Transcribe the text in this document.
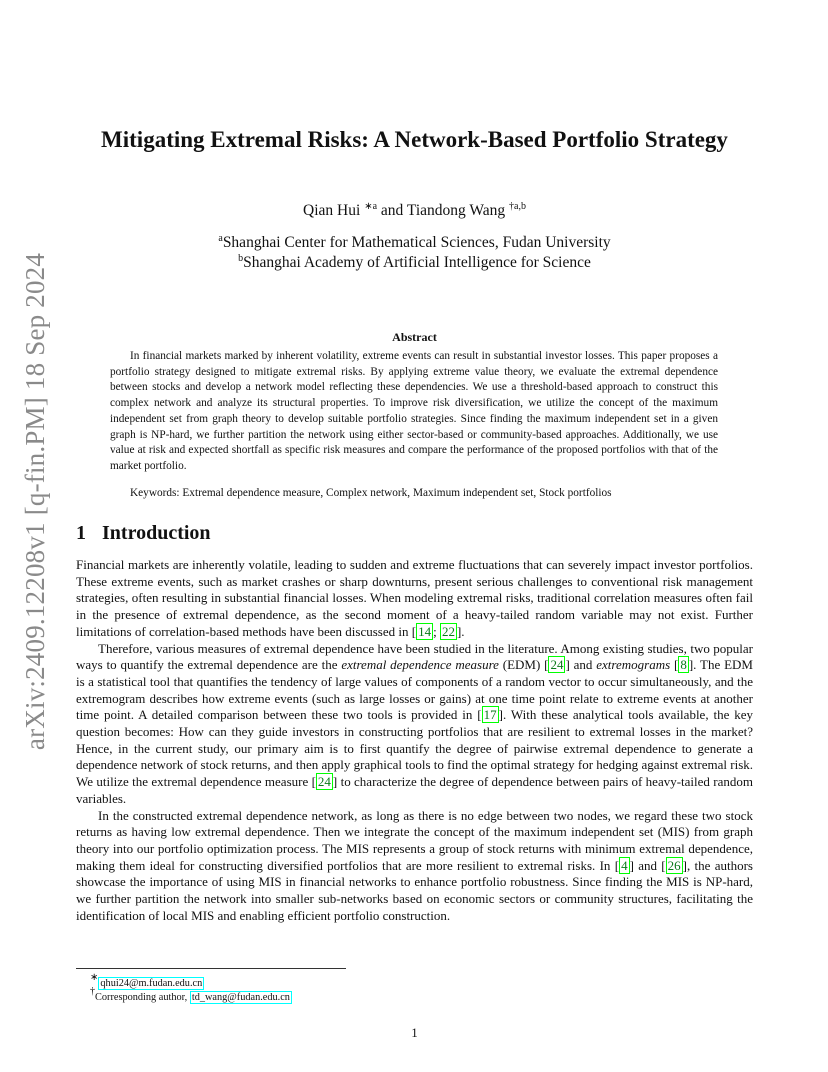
arXiv:2409.12208v1 [q-fin.PM] 18 Sep 2024
Mitigating Extremal Risks: A Network-Based Portfolio Strategy
Qian Hui $^{∗a}$ and Tiandong Wang $^{\dagger a,b}$
$^a$Shanghai Center for Mathematical Sciences, Fudan University
$^b$Shanghai Academy of Artificial Intelligence for Science
Abstract

In financial markets marked by inherent volatility, extreme events can result in substantial investor losses. This paper proposes a portfolio strategy designed to mitigate extremal risks. By applying extreme value theory, we evaluate the extremal dependence between stocks and develop a network model reflecting these dependencies. We use a threshold-based approach to construct this complex network and analyze its structural properties. To improve risk diversification, we utilize the concept of the maximum independent set from graph theory to develop suitable portfolio strategies. Since finding the maximum independent set in a given graph is NP-hard, we further partition the network using either sector-based or community-based approaches. Additionally, we use value at risk and expected shortfall as specific risk measures and compare the performance of the proposed portfolios with that of the market portfolio.

Keywords: Extremal dependence measure, Complex network, Maximum independent set, Stock portfolios
1 Introduction

Financial markets are inherently volatile, leading to sudden and extreme fluctuations that can severely impact investor portfolios. These extreme events, such as market crashes or sharp downturns, present serious challenges to conventional risk management strategies, often resulting in substantial financial losses. When modeling extremal risks, traditional correlation measures often fail in the presence of extremal dependence, as the second moment of a heavy-tailed random variable may not exist. Further limitations of correlation-based methods have been discussed in [ 14 ; 22 ].

Therefore, various measures of extremal dependence have been studied in the literature. Among existing studies, two popular ways to quantify the extremal dependence are the extremal dependence measure (EDM) [ 24 ] and extremograms [ 8 ]. The EDM is a statistical tool that quantifies the tendency of large values of components of a random vector to occur simultaneously, and the extremogram describes how extreme events (such as large losses or gains) at one time point relate to extreme events at another time point. A detailed comparison between these two tools is provided in [ 17 ]. With these analytical tools available, the key question becomes: How can they guide investors in constructing portfolios that are resilient to extremal losses in the market? Hence, in the current study, our primary aim is to first quantify the degree of pairwise extremal dependence to generate a dependence network of stock returns, and then apply graphical tools to find the optimal strategy for hedging against extremal risk. We utilize the extremal dependence measure [ 24 ] to characterize the degree of dependence between pairs of heavy-tailed random variables.

In the constructed extremal dependence network, as long as there is no edge between two nodes, we regard these two stock returns as having low extremal dependence. Then we integrate the concept of the maximum independent set (MIS) from graph theory into our portfolio optimization process. The MIS represents a group of stock returns with minimum extremal dependence, making them ideal for constructing diversified portfolios that are more resilient to extremal risks. In [ 4 ] and [ 26 ], the authors showcase the importance of using MIS in financial networks to enhance portfolio robustness. Since finding the MIS is NP-hard, we further partition the network into smaller sub-networks based on economic sectors or community structures, facilitating the identification of local MIS and enabling efficient portfolio construction.

∗qhui24@m.fudan.edu.cn
†Corresponding author, td_wang@fudan.edu.cn
1
